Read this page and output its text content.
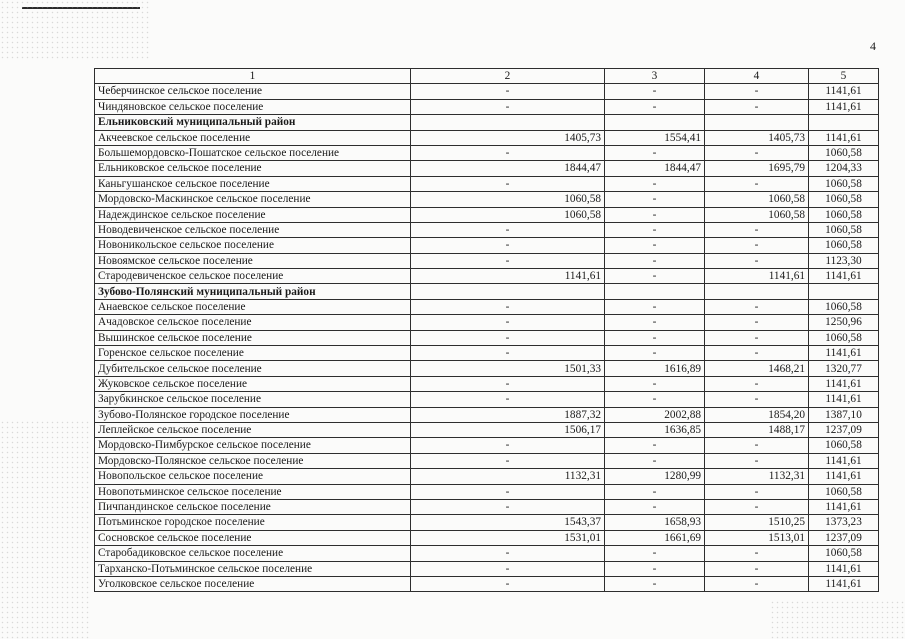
4
1	2	3	4	5
Чеберчинское сельское поселение	-	-	-	1141,61
Чиндяновское сельское поселение	-	-	-	1141,61
Ельниковский муниципальный район				
Акчеевское сельское поселение	1405,73	1554,41	1405,73	1141,61
Большемордовско-Пошатское сельское поселение	-	-	-	1060,58
Ельниковское сельское поселение	1844,47	1844,47	1695,79	1204,33
Каньгушанское сельское поселение	-	-	-	1060,58
Мордовско-Маскинское сельское поселение	1060,58	-	1060,58	1060,58
Надеждинское сельское поселение	1060,58	-	1060,58	1060,58
Новодевиченское сельское поселение	-	-	-	1060,58
Новоникольское сельское поселение	-	-	-	1060,58
Новоямское сельское поселение	-	-	-	1123,30
Стародевиченское сельское поселение	1141,61	-	1141,61	1141,61
Зубово-Полянский муниципальный район				
Анаевское сельское поселение	-	-	-	1060,58
Ачадовское сельское поселение	-	-	-	1250,96
Вышинское сельское поселение	-	-	-	1060,58
Горенское сельское поселение	-	-	-	1141,61
Дубительское сельское поселение	1501,33	1616,89	1468,21	1320,77
Жуковское сельское поселение	-	-	-	1141,61
Зарубкинское сельское поселение	-	-	-	1141,61
Зубово-Полянское городское поселение	1887,32	2002,88	1854,20	1387,10
Леплейское сельское поселение	1506,17	1636,85	1488,17	1237,09
Мордовско-Пимбурское сельское поселение	-	-	-	1060,58
Мордовско-Полянское сельское поселение	-	-	-	1141,61
Новопольское сельское поселение	1132,31	1280,99	1132,31	1141,61
Новопотьминское сельское поселение	-	-	-	1060,58
Пичпандинское сельское поселение	-	-	-	1141,61
Потьминское городское поселение	1543,37	1658,93	1510,25	1373,23
Сосновское сельское поселение	1531,01	1661,69	1513,01	1237,09
Старобадиковское сельское поселение	-	-	-	1060,58
Тарханско-Потьминское сельское поселение	-	-	-	1141,61
Уголковское сельское поселение	-	-	-	1141,61
